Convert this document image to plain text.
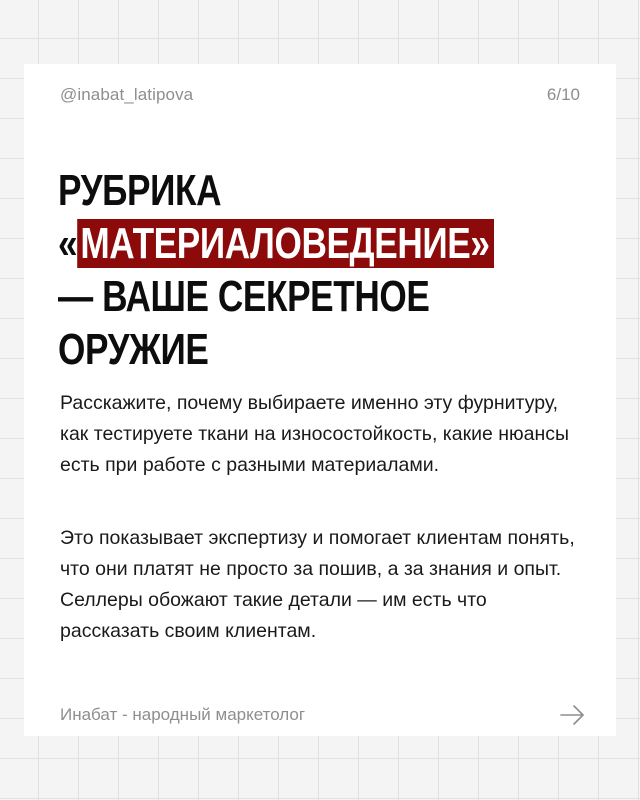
@inabat_latipova	6/10
РУБРИКА
«МАТЕРИАЛОВЕДЕНИЕ»
— ВАШЕ СЕКРЕТНОЕ
ОРУЖИЕ

Расскажите, почему выбираете именно эту фурнитуру, как тестируете ткани на износостойкость, какие нюансы есть при работе с разными материалами.

Это показывает экспертизу и помогает клиентам понять, что они платят не просто за пошив, а за знания и опыт. Селлеры обожают такие детали — им есть что рассказать своим клиентам.

Инабат - народный маркетолог
